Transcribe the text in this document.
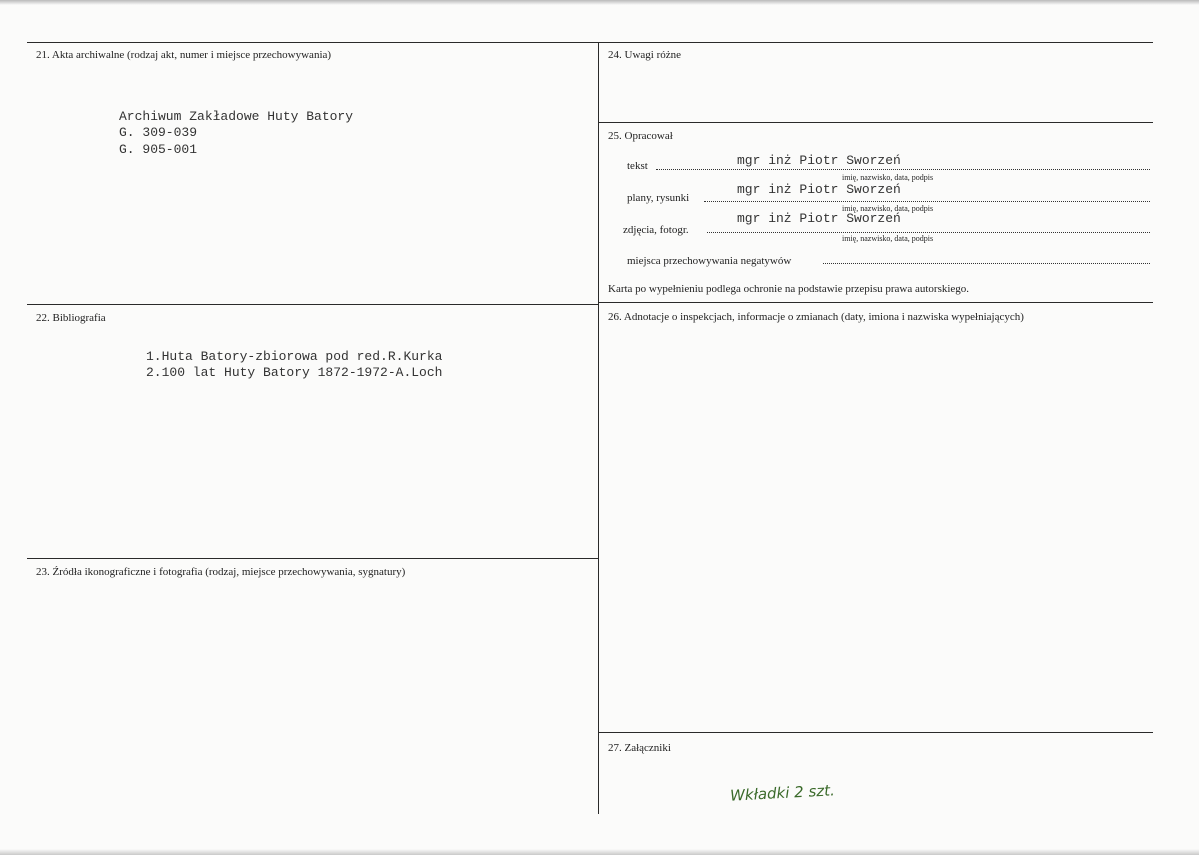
21. Akta archiwalne (rodzaj akt, numer i miejsce przechowywania)
Archiwum Zakładowe Huty Batory
G. 309-039
G. 905-001
22. Bibliografia
1.Huta Batory-zbiorowa pod red.R.Kurka
2.100 lat Huty Batory 1872-1972-A.Loch
23. Źródła ikonograficzne i fotografia (rodzaj, miejsce przechowywania, sygnatury)
24. Uwagi różne
25. Opracował
tekst	mgr inż Piotr Sworzeń
imię, nazwisko, data, podpis
plany, rysunki
mgr inż Piotr Sworzeń
imię, nazwisko, data, podpis
zdjęcia, fotogr.
mgr inż Piotr Sworzeń
imię, nazwisko, data, podpis
miejsca przechowywania negatywów
Karta po wypełnieniu podlega ochronie na podstawie przepisu prawa autorskiego.
26. Adnotacje o inspekcjach, informacje o zmianach (daty, imiona i nazwiska wypełniających)
27. Załączniki
Wkładki 2 szt.
